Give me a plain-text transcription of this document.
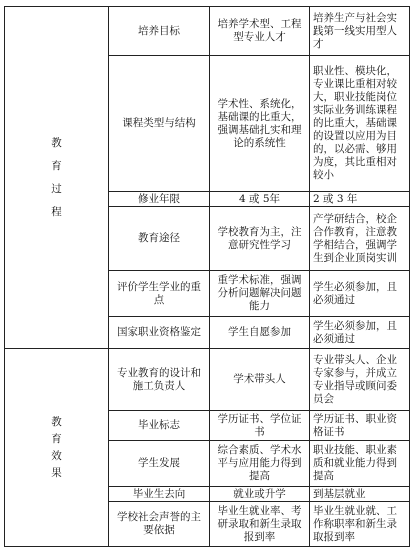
教
育
过
程	培养目标	培养学术型、工程型专业人才	培养生产与社会实践第一线实用型人才
	课程类型与结构	学术性、系统化，基础课的比重大，强调基础扎实和理论的系统性	职业性、模块化，专业课比重相对较大，职业技能岗位实际业务训练课程的比重大，基础课的设置以应用为目的，以必需、够用为度，其比重相对较小
	修业年限	4 或 5年	2 或 3 年
	教育途径	学校教育为主，注意研究性学习	产学研结合，校企合作教育，注意教学相结合，强调学生到企业顶岗实训
	评价学生学业的重点	重学术标准，强调分析问题解决问题能力	学生必须参加，且必须通过
	国家职业资格鉴定	学生自愿参加	学生必须参加，且必须通过

教
育
效
果	专业教育的设计和施工负责人	学术带头人	专业带头人、企业专家参与，并成立专业指导或顾问委员会
	毕业标志	学历证书、学位证书	学历证书、职业资格证书
	学生发展	综合素质、学术水平与应用能力得到提高	职业技能、职业素质和就业能力得到提高
	毕业生去向	就业或升学	到基层就业
	学校社会声誉的主要依据	毕业生就业率、考研录取和新生录取报到率	毕业生就业就、工作称职率和新生录取报到率
